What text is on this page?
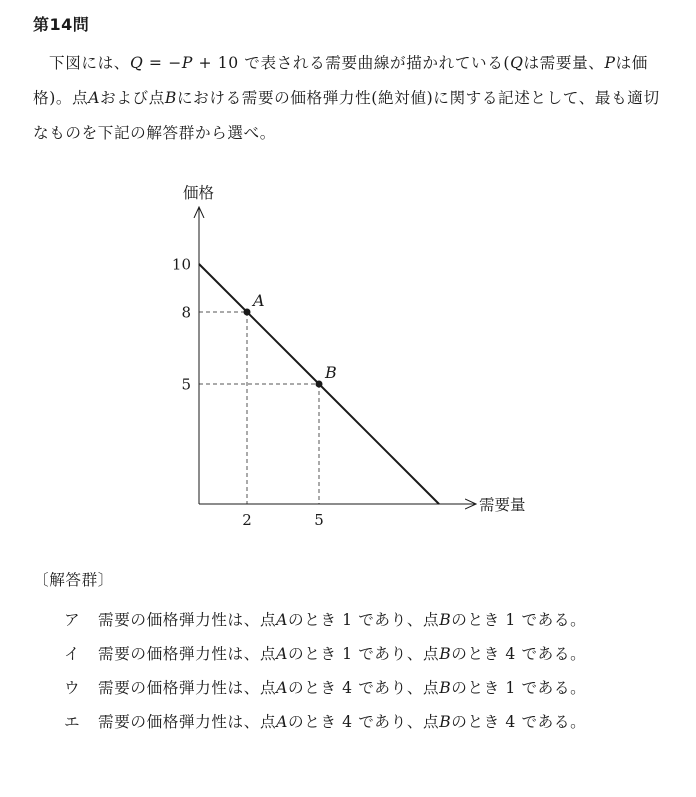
第14問
下図には、Q = −P + 10 で表される需要曲線が描かれている(Qは需要量、Pは価格)。点Aおよび点Bにおける需要の価格弾力性(絶対値)に関する記述として、最も適切なものを下記の解答群から選べ。
価格
需要量
10
8
5
2	5
A
B
〔解答群〕
ア 需要の価格弾力性は、点Aのとき 1 であり、点Bのとき 1 である。
イ 需要の価格弾力性は、点Aのとき 1 であり、点Bのとき 4 である。
ウ 需要の価格弾力性は、点Aのとき 4 であり、点Bのとき 1 である。
エ 需要の価格弾力性は、点Aのとき 4 であり、点Bのとき 4 である。
